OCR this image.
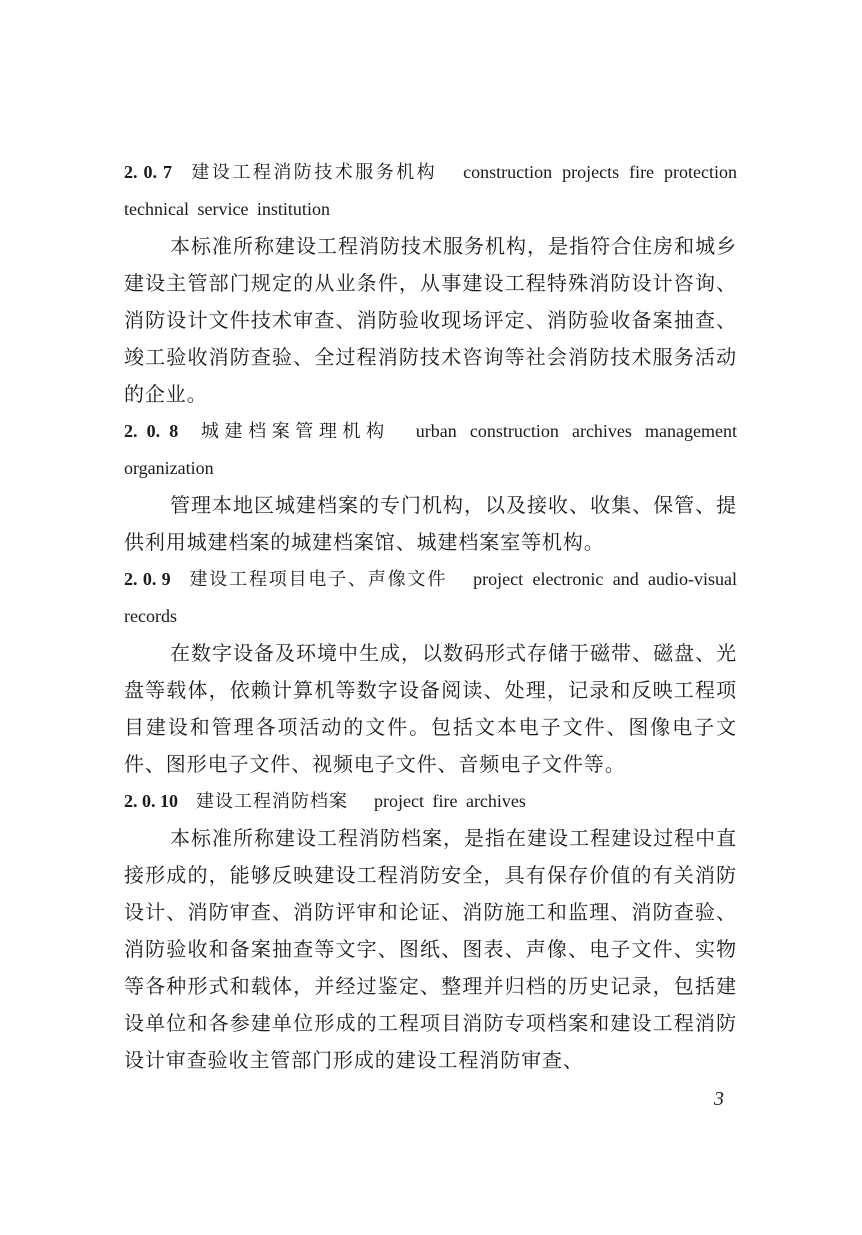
2. 0. 7 建设工程消防技术服务机构 construction projects fire protection technical service institution

本标准所称建设工程消防技术服务机构，是指符合住房和城乡建设主管部门规定的从业条件，从事建设工程特殊消防设计咨询、消防设计文件技术审查、消防验收现场评定、消防验收备案抽查、竣工验收消防查验、全过程消防技术咨询等社会消防技术服务活动的企业。

2. 0. 8 城建档案管理机构 urban construction archives management organization

管理本地区城建档案的专门机构，以及接收、收集、保管、提供利用城建档案的城建档案馆、城建档案室等机构。

2. 0. 9 建设工程项目电子、声像文件 project electronic and audio-visual records

在数字设备及环境中生成，以数码形式存储于磁带、磁盘、光盘等载体，依赖计算机等数字设备阅读、处理，记录和反映工程项目建设和管理各项活动的文件。包括文本电子文件、图像电子文件、图形电子文件、视频电子文件、音频电子文件等。

2. 0. 10 建设工程消防档案 project fire archives

本标准所称建设工程消防档案，是指在建设工程建设过程中直接形成的，能够反映建设工程消防安全，具有保存价值的有关消防设计、消防审查、消防评审和论证、消防施工和监理、消防查验、消防验收和备案抽查等文字、图纸、图表、声像、电子文件、实物等各种形式和载体，并经过鉴定、整理并归档的历史记录，包括建设单位和各参建单位形成的工程项目消防专项档案和建设工程消防设计审查验收主管部门形成的建设工程消防审查、

3
